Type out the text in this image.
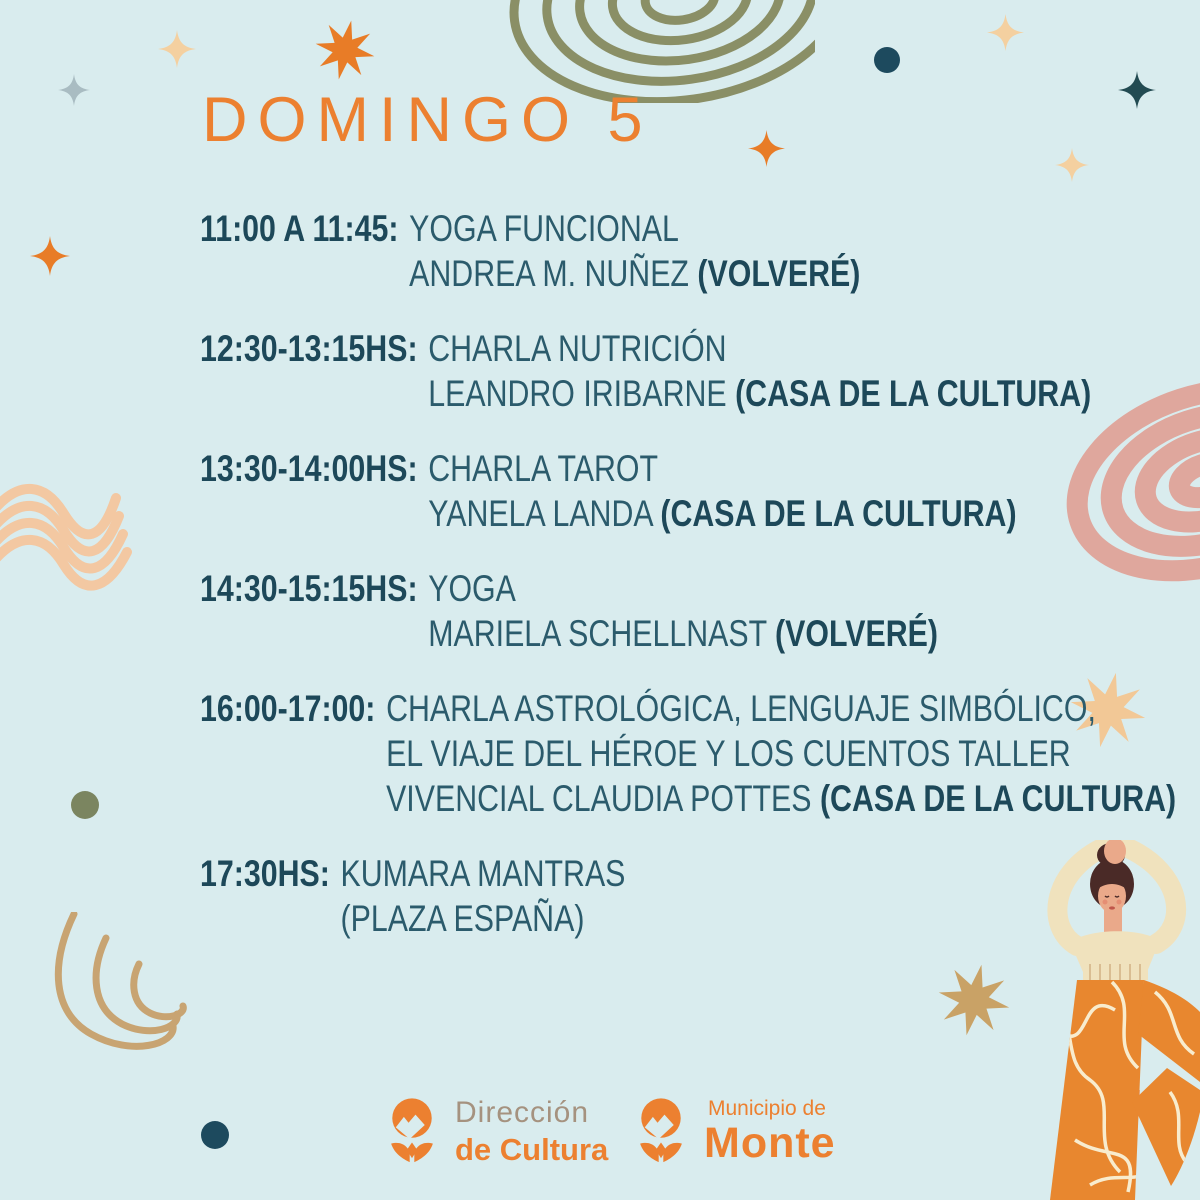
DOMINGO 5
11:00 A 11:45: YOGA FUNCIONAL
ANDREA M. NUÑEZ (VOLVERÉ)
12:30-13:15HS: CHARLA NUTRICIÓN
LEANDRO IRIBARNE (CASA DE LA CULTURA)
13:30-14:00HS: CHARLA TAROT
YANELA LANDA (CASA DE LA CULTURA)
14:30-15:15HS: YOGA
MARIELA SCHELLNAST (VOLVERÉ)
16:00-17:00: CHARLA ASTROLÓGICA, LENGUAJE SIMBÓLICO,
EL VIAJE DEL HÉROE Y LOS CUENTOS TALLER
VIVENCIAL CLAUDIA POTTES (CASA DE LA CULTURA)
17:30HS: KUMARA MANTRAS
(PLAZA ESPAÑA)
Dirección
de Cultura
Municipio de
Monte
